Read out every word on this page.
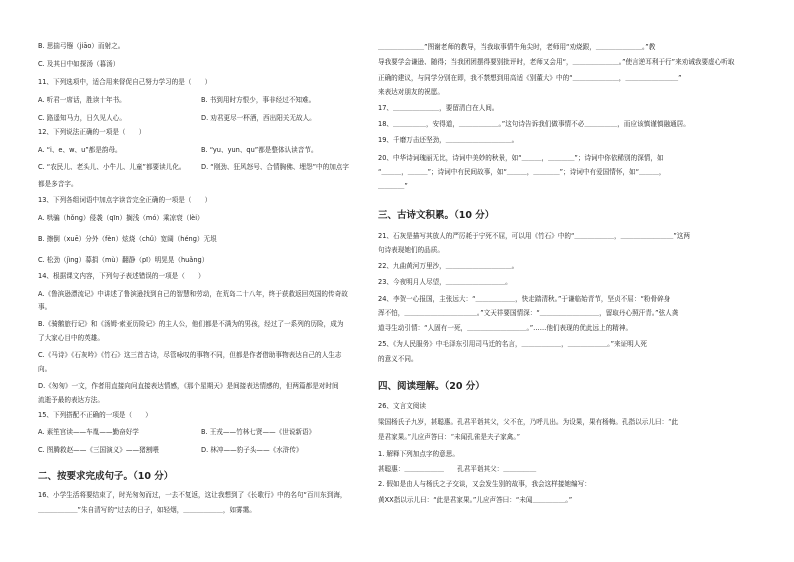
B. 思揣弓镪（jiāo）而射之。
C. 及其日中如探汤（暮汤）
11、下列选项中，适合用来督促自己努力学习的是（　　）
A. 听君一席话，胜读十年书。	B. 书到用时方恨少，事非经过不知难。
C. 路遥知马力，日久见人心。	D. 劝君更尽一杯酒，西出阳关无故人。
12、下列说法正确的一项是（　　）
A. “i、e、w、u”都是韵母。	B. “yu、yun、qu”都是整体认读音节。
C. “农民儿、老头儿、小牛儿、儿童”都要读儿化。 D. “刚劲、狂风怒号、合情胸佛、埋怨”中的加点字
都是多音字。
13、下列各组词语中加点字读音完全正确的一项是（　　）
A. 哄骗（hǒng）侵袭（qīn）搁浅（mó）乘凉衰（lèi）
B. 擦倒（xuē）分外（fèn）炫烧（chǔ）宽阔（héng）无垠
C. 松劲（jìng）募捐（mù）翻静（pī）明晃晃（huǎng）
14、根据课文内容，下列句子表述错误的一项是（　　）
A.《鲁滨逊漂流记》中讲述了鲁滨逊找到自己的智慧和劳动，在荒岛二十八年，终于获救返回英国的传奇故
事。
B.《骑鹅旅行记》和《汤姆·索亚历险记》的主人公，他们都是不满为的男孩，经过了一系列的历险，成为
了大家心目中的英雄。
C.《马诗》《石灰吟》《竹石》这三首古诗，尽管咏叹的事物不同，但都是作者借助事物表达自己的人生志
向。
D.《匆匆》一文，作者用直接向问直接表达情感，《那个星期天》是间接表达情感的，但两篇都是对时间
流逝予最的表达方法。
15、下列搭配不正确的一项是（　　）
A. 素笙宫读——车胤——勤奋好学	B. 王戎——竹林七贤——《世说新语》
C. 图腾救赵——《三国演义》——猪割喂	D. 林冲——豹子头——《水浒传》
16、小学生活将要结束了，时光匆匆而过，一去不复返，这让我想到了《长歌行》中的名句“百川东到海，
＿＿＿＿＿＿”朱自清写的“过去的日子，如轻烟，＿＿＿＿＿＿，如雾霭。
＿＿＿＿＿＿＿”图谢老师的教导，当我取事情牛角尖时，老师用“劝烧跟，＿＿＿＿＿＿＿。”教
导我要学会谦逊、随得；当我团团摆得要别批评时，老师又会用“，＿＿＿＿＿＿＿。”使言逆耳利于行”来劝诫我要虚心听取
正确的建议，与同学分别在即，我不禁想到用高适《别董大》中的“＿＿＿＿＿＿＿，＿＿＿＿＿＿＿＿”
来表达对朋友的祝愿。
17、＿＿＿＿＿＿＿，要留清白在人间。
18、＿＿＿＿＿，安得道，＿＿＿＿＿＿。”这句诗告诉我们做事情不必＿＿＿＿＿，而应该慎谨慎融通居。
19、千磨万击还坚劲，＿＿＿＿＿＿＿＿＿＿。
20、中华诗词瑰丽无比，诗词中美妙的秋景，如“＿＿＿，＿＿＿＿”；诗词中你依稀别的深情，如
“＿＿＿，＿＿＿”；诗词中有民间故事，如“＿＿＿，＿＿＿＿”；诗词中有爱国情怀，如“＿＿＿，
＿＿＿＿”
21、石灰是描写其放人的严厉耗于宁死不屈，可以用《竹石》中的“＿＿＿＿＿＿，＿＿＿＿＿＿＿＿”这两
句诗表现她们的品质。
22、九曲黄河万里沙，＿＿＿＿＿＿＿＿＿＿。
23、今夜明月人尽望，＿＿＿＿＿＿＿＿＿。
24、李贺一心报国，主张远大：“＿＿＿＿＿＿，快走踏清秋。”于谦临始青节，坚贞不屈：“粉骨碎身
浑不怕，＿＿＿＿＿＿＿＿＿＿＿。”文天祥要国情深：“＿＿＿＿＿＿＿＿＿，留取丹心照汗青。”弦人龚
道寻生动引情：“人固有一死，＿＿＿＿＿＿＿＿＿。”……他们表现的优此远上的精神。
25、《为人民服务》中毛泽东引用司马迁的名言，＿＿＿＿＿＿，＿＿＿＿＿＿。”来证明人死
的意义不同。
26、文言文阅读
梁国杨氏子九岁，甚聪惠。孔君平诣其父，父不在，乃呼儿出。为设果，果有杨梅。孔指以示儿曰：“此
是君家果。”儿应声答曰：“未闻孔雀是夫子家禽。”
1. 解释下列加点字的意思。
甚聪惠：＿＿＿＿＿＿　　孔君平诣其父：＿＿＿＿＿
2. 假如是由人与杨氏之子交谈，又会发生别的故事，我会这样接她编写：
黄XX指以示儿曰：“此是君家果。”儿应声答曰：“未闻＿＿＿＿＿。”
二、按要求完成句子。（10 分）
三、古诗文积累。（10 分）
四、阅读理解。（20 分）
